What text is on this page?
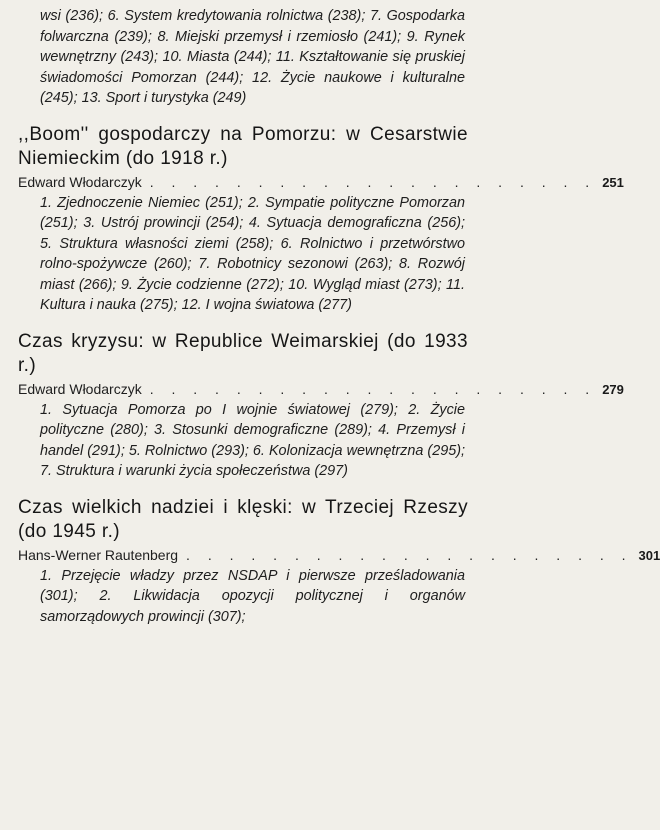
wsi (236); 6. System kredytowania rolnictwa (238); 7. Gospodarka folwarczna (239); 8. Miejski przemysł i rzemiosło (241); 9. Rynek wewnętrzny (243); 10. Miasta (244); 11. Kształtowanie się pruskiej świadomości Pomorzan (244); 12. Życie naukowe i kulturalne (245); 13. Sport i turystyka (249)
,,Boom'' gospodarczy na Pomorzu: w Cesarstwie Niemieckim (do 1918 r.)
Edward Włodarczyk . . . . . . . . . . . . . . . . . . . . . 251
1. Zjednoczenie Niemiec (251); 2. Sympatie polityczne Pomorzan (251); 3. Ustrój prowincji (254); 4. Sytuacja demograficzna (256); 5. Struktura własności ziemi (258); 6. Rolnictwo i przetwórstwo rolno-spożywcze (260); 7. Robotnicy sezonowi (263); 8. Rozwój miast (266); 9. Życie codzienne (272); 10. Wygląd miast (273); 11. Kultura i nauka (275); 12. I wojna światowa (277)
Czas kryzysu: w Republice Weimarskiej (do 1933 r.)
Edward Włodarczyk . . . . . . . . . . . . . . . . . . . . . 279
1. Sytuacja Pomorza po I wojnie światowej (279); 2. Życie polityczne (280); 3. Stosunki demograficzne (289); 4. Przemysł i handel (291); 5. Rolnictwo (293); 6. Kolonizacja wewnętrzna (295); 7. Struktura i warunki życia społeczeństwa (297)
Czas wielkich nadziei i klęski: w Trzeciej Rzeszy (do 1945 r.)
Hans-Werner Rautenberg . . . . . . . . . . . . . . . . . . . . . 301
1. Przejęcie władzy przez NSDAP i pierwsze prześladowania (301); 2. Likwidacja opozycji politycznej i organów samorządowych prowincji (307);
